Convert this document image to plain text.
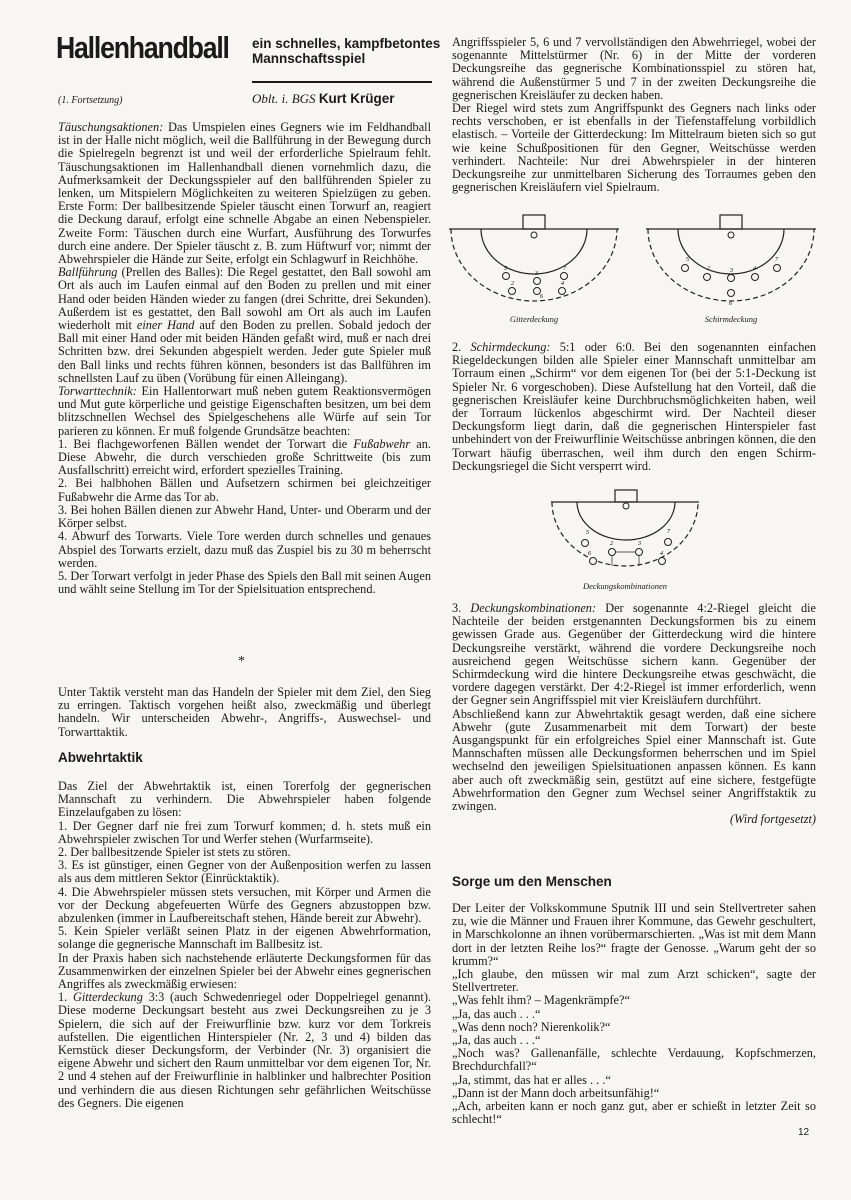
Hallenhandball ein schnelles, kampfbetontes
Mannschaftsspiel
(1. Fortsetzung)	Oblt. i. BGS Kurt Krüger

Täuschungsaktionen: Das Umspielen eines Gegners wie im Feldhandball ist in der Halle nicht möglich, weil die Ballführung in der Bewegung durch die Spielregeln begrenzt ist und weil der erforderliche Spielraum fehlt. Täuschungsaktionen im Hallenhandball dienen vornehmlich dazu, die Aufmerksamkeit der Deckungsspieler auf den ballführenden Spieler zu lenken, um Mitspielern Möglichkeiten zu weiteren Spielzügen zu geben. Erste Form: Der ballbesitzende Spieler täuscht einen Torwurf an, reagiert die Deckung darauf, erfolgt eine schnelle Abgabe an einen Nebenspieler. Zweite Form: Täuschen durch eine Wurfart, Ausführung des Torwurfes durch eine andere. Der Spieler täuscht z. B. zum Hüftwurf vor; nimmt der Abwehrspieler die Hände zur Seite, erfolgt ein Schlagwurf in Reichhöhe.

Ballführung (Prellen des Balles): Die Regel gestattet, den Ball sowohl am Ort als auch im Laufen einmal auf den Boden zu prellen und mit einer Hand oder beiden Händen wieder zu fangen (drei Schritte, drei Sekunden). Außerdem ist es gestattet, den Ball sowohl am Ort als auch im Laufen wiederholt mit einer Hand auf den Boden zu prellen. Sobald jedoch der Ball mit einer Hand oder mit beiden Händen gefaßt wird, muß er nach drei Schritten bzw. drei Sekunden abgespielt werden. Jeder gute Spieler muß den Ball links und rechts führen können, besonders ist das Ballführen im schnellsten Lauf zu üben (Vorübung für einen Alleingang).

Torwarttechnik: Ein Hallentorwart muß neben gutem Reaktionsvermögen und Mut gute körperliche und geistige Eigenschaften besitzen, um bei dem blitzschnellen Wechsel des Spielgeschehens alle Würfe auf sein Tor parieren zu können. Er muß folgende Grundsätze beachten:

1. Bei flachgeworfenen Bällen wendet der Torwart die Fußabwehr an. Diese Abwehr, die durch verschieden große Schrittweite (bis zum Ausfallschritt) erreicht wird, erfordert spezielles Training.

2. Bei halbhohen Bällen und Aufsetzern schirmen bei gleichzeitiger Fußabwehr die Arme das Tor ab.

3. Bei hohen Bällen dienen zur Abwehr Hand, Unter- und Oberarm und der Körper selbst.

4. Abwurf des Torwarts. Viele Tore werden durch schnelles und genaues Abspiel des Torwarts erzielt, dazu muß das Zuspiel bis zu 30 m beherrscht werden.

5. Der Torwart verfolgt in jeder Phase des Spiels den Ball mit seinen Augen und wählt seine Stellung im Tor der Spielsituation entsprechend.

*

Unter Taktik versteht man das Handeln der Spieler mit dem Ziel, den Sieg zu erringen. Taktisch vorgehen heißt also, zweckmäßig und überlegt handeln. Wir unterscheiden Abwehr-, Angriffs-, Auswechsel- und Torwarttaktik.

Abwehrtaktik

Das Ziel der Abwehrtaktik ist, einen Torerfolg der gegnerischen Mannschaft zu verhindern. Die Abwehrspieler haben folgende Einzelaufgaben zu lösen:

1. Der Gegner darf nie frei zum Torwurf kommen; d. h. stets muß ein Abwehrspieler zwischen Tor und Werfer stehen (Wurfarmseite).

2. Der ballbesitzende Spieler ist stets zu stören.

3. Es ist günstiger, einen Gegner von der Außenposition werfen zu lassen als aus dem mittleren Sektor (Einrücktaktik).

4. Die Abwehrspieler müssen stets versuchen, mit Körper und Armen die vor der Deckung abgefeuerten Würfe des Gegners abzustoppen bzw. abzulenken (immer in Laufbereitschaft stehen, Hände bereit zur Abwehr).

5. Kein Spieler verläßt seinen Platz in der eigenen Abwehrformation, solange die gegnerische Mannschaft im Ballbesitz ist.

In der Praxis haben sich nachstehende erläuterte Deckungsformen für das Zusammenwirken der einzelnen Spieler bei der Abwehr eines gegnerischen Angriffes als zweckmäßig erwiesen:

1. Gitterdeckung 3:3 (auch Schwedenriegel oder Doppelriegel genannt). Diese moderne Deckungsart besteht aus zwei Deckungsreihen zu je 3 Spielern, die sich auf der Freiwurflinie bzw. kurz vor dem Torkreis aufstellen. Die eigentlichen Hinterspieler (Nr. 2, 3 und 4) bilden das Kernstück dieser Deckungsform, der Verbinder (Nr. 3) organisiert die eigene Abwehr und sichert den Raum unmittelbar vor dem eigenen Tor, Nr. 2 und 4 stehen auf der Freiwurflinie in halblinker und halbrechter Position und verhindern die aus diesen Richtungen sehr gefährlichen Weitschüsse des Gegners. Die eigenen

Angriffsspieler 5, 6 und 7 vervollständigen den Abwehrriegel, wobei der sogenannte Mittelstürmer (Nr. 6) in der Mitte der vorderen Deckungsreihe das gegnerische Kombinationsspiel zu stören hat, während die Außenstürmer 5 und 7 in der zweiten Deckungsreihe die gegnerischen Kreisläufer zu decken haben.

Der Riegel wird stets zum Angriffspunkt des Gegners nach links oder rechts verschoben, er ist ebenfalls in der Tiefenstaffelung vorbildlich elastisch. – Vorteile der Gitterdeckung: Im Mittelraum bieten sich so gut wie keine Schußpositionen für den Gegner, Weitschüsse werden verhindert. Nachteile: Nur drei Abwehrspieler in der hinteren Deckungsreihe zur unmittelbaren Sicherung des Torraumes geben den gegnerischen Kreisläufern viel Spielraum.

5
3
7
2
6
4
Gitterdeckung
5
2	3	4
7
6
Schirmdeckung

2. Schirmdeckung: 5:1 oder 6:0. Bei den sogenannten einfachen Riegeldeckungen bilden alle Spieler einer Mannschaft unmittelbar am Torraum einen „Schirm“ vor dem eigenen Tor (bei der 5:1-Deckung ist Spieler Nr. 6 vorgeschoben). Diese Aufstellung hat den Vorteil, daß die gegnerischen Kreisläufer keine Durchbruchsmöglichkeiten haben, weil der Torraum lückenlos abgeschirmt wird. Der Nachteil dieser Deckungsform liegt darin, daß die gegnerischen Hinterspieler fast unbehindert von der Freiwurflinie Weitschüsse anbringen können, die den Torwart häufig überraschen, weil ihm durch den engen Schirm-Deckungsriegel die Sicht versperrt wird.

5
2	3
7
6	4
Deckungskombinationen

3. Deckungskombinationen: Der sogenannte 4:2-Riegel gleicht die Nachteile der beiden erstgenannten Deckungsformen bis zu einem gewissen Grade aus. Gegenüber der Gitterdeckung wird die hintere Deckungsreihe verstärkt, während die vordere Deckungsreihe noch ausreichend gegen Weitschüsse sichern kann. Gegenüber der Schirmdeckung wird die hintere Deckungsreihe etwas geschwächt, die vordere dagegen verstärkt. Der 4:2-Riegel ist immer erforderlich, wenn der Gegner sein Angriffsspiel mit vier Kreisläufern durchführt.

Abschließend kann zur Abwehrtaktik gesagt werden, daß eine sichere Abwehr (gute Zusammenarbeit mit dem Torwart) der beste Ausgangspunkt für ein erfolgreiches Spiel einer Mannschaft ist. Gute Mannschaften müssen alle Deckungsformen beherrschen und im Spiel wechselnd den jeweiligen Spielsituationen anpassen können. Es kann aber auch oft zweckmäßig sein, gestützt auf eine sichere, festgefügte Abwehrformation den Gegner zum Wechsel seiner Angriffstaktik zu zwingen.

(Wird fortgesetzt)

Sorge um den Menschen

Der Leiter der Volkskommune Sputnik III und sein Stellvertreter sahen zu, wie die Männer und Frauen ihrer Kommune, das Gewehr geschultert, in Marschkolonne an ihnen vorübermarschierten. „Was ist mit dem Mann dort in der letzten Reihe los?“ fragte der Genosse. „Warum geht der so krumm?“

„Ich glaube, den müssen wir mal zum Arzt schicken“, sagte der Stellvertreter.

„Was fehlt ihm? – Magenkrämpfe?“

„Ja, das auch . . .“

„Was denn noch? Nierenkolik?“

„Ja, das auch . . .“

„Noch was? Gallenanfälle, schlechte Verdauung, Kopfschmerzen, Brechdurchfall?“

„Ja, stimmt, das hat er alles . . .“

„Dann ist der Mann doch arbeitsunfähig!“

„Ach, arbeiten kann er noch ganz gut, aber er schießt in letzter Zeit so schlecht!“

12
